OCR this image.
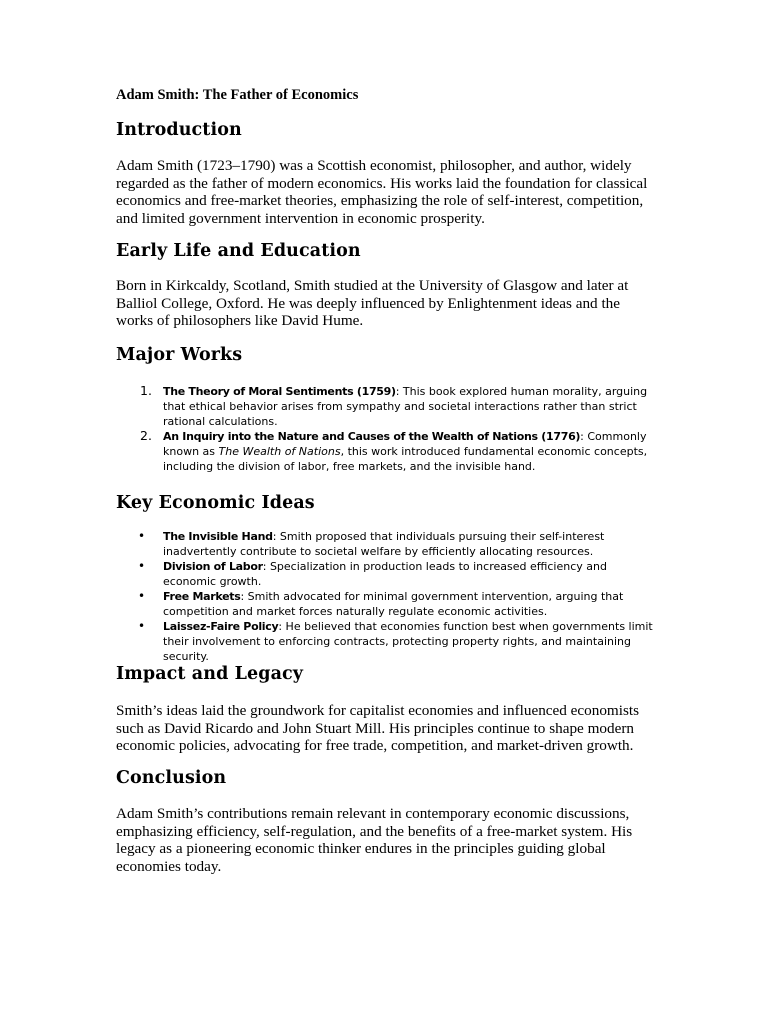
Adam Smith: The Father of Economics

Introduction

Adam Smith (1723–1790) was a Scottish economist, philosopher, and author, widely regarded as the father of modern economics. His works laid the foundation for classical economics and free-market theories, emphasizing the role of self-interest, competition, and limited government intervention in economic prosperity.

Early Life and Education

Born in Kirkcaldy, Scotland, Smith studied at the University of Glasgow and later at Balliol College, Oxford. He was deeply influenced by Enlightenment ideas and the works of philosophers like David Hume.

Major Works
1. The Theory of Moral Sentiments (1759): This book explored human morality, arguing that ethical behavior arises from sympathy and societal interactions rather than strict rational calculations.
2. An Inquiry into the Nature and Causes of the Wealth of Nations (1776): Commonly known as The Wealth of Nations, this work introduced fundamental economic concepts, including the division of labor, free markets, and the invisible hand.
Key Economic Ideas
• The Invisible Hand: Smith proposed that individuals pursuing their self-interest inadvertently contribute to societal welfare by efficiently allocating resources.
• Division of Labor: Specialization in production leads to increased efficiency and economic growth.
• Free Markets: Smith advocated for minimal government intervention, arguing that competition and market forces naturally regulate economic activities.
• Laissez-Faire Policy: He believed that economies function best when governments limit their involvement to enforcing contracts, protecting property rights, and maintaining security.
Impact and Legacy

Smith’s ideas laid the groundwork for capitalist economies and influenced economists such as David Ricardo and John Stuart Mill. His principles continue to shape modern economic policies, advocating for free trade, competition, and market-driven growth.

Conclusion

Adam Smith’s contributions remain relevant in contemporary economic discussions, emphasizing efficiency, self-regulation, and the benefits of a free-market system. His legacy as a pioneering economic thinker endures in the principles guiding global economies today.
